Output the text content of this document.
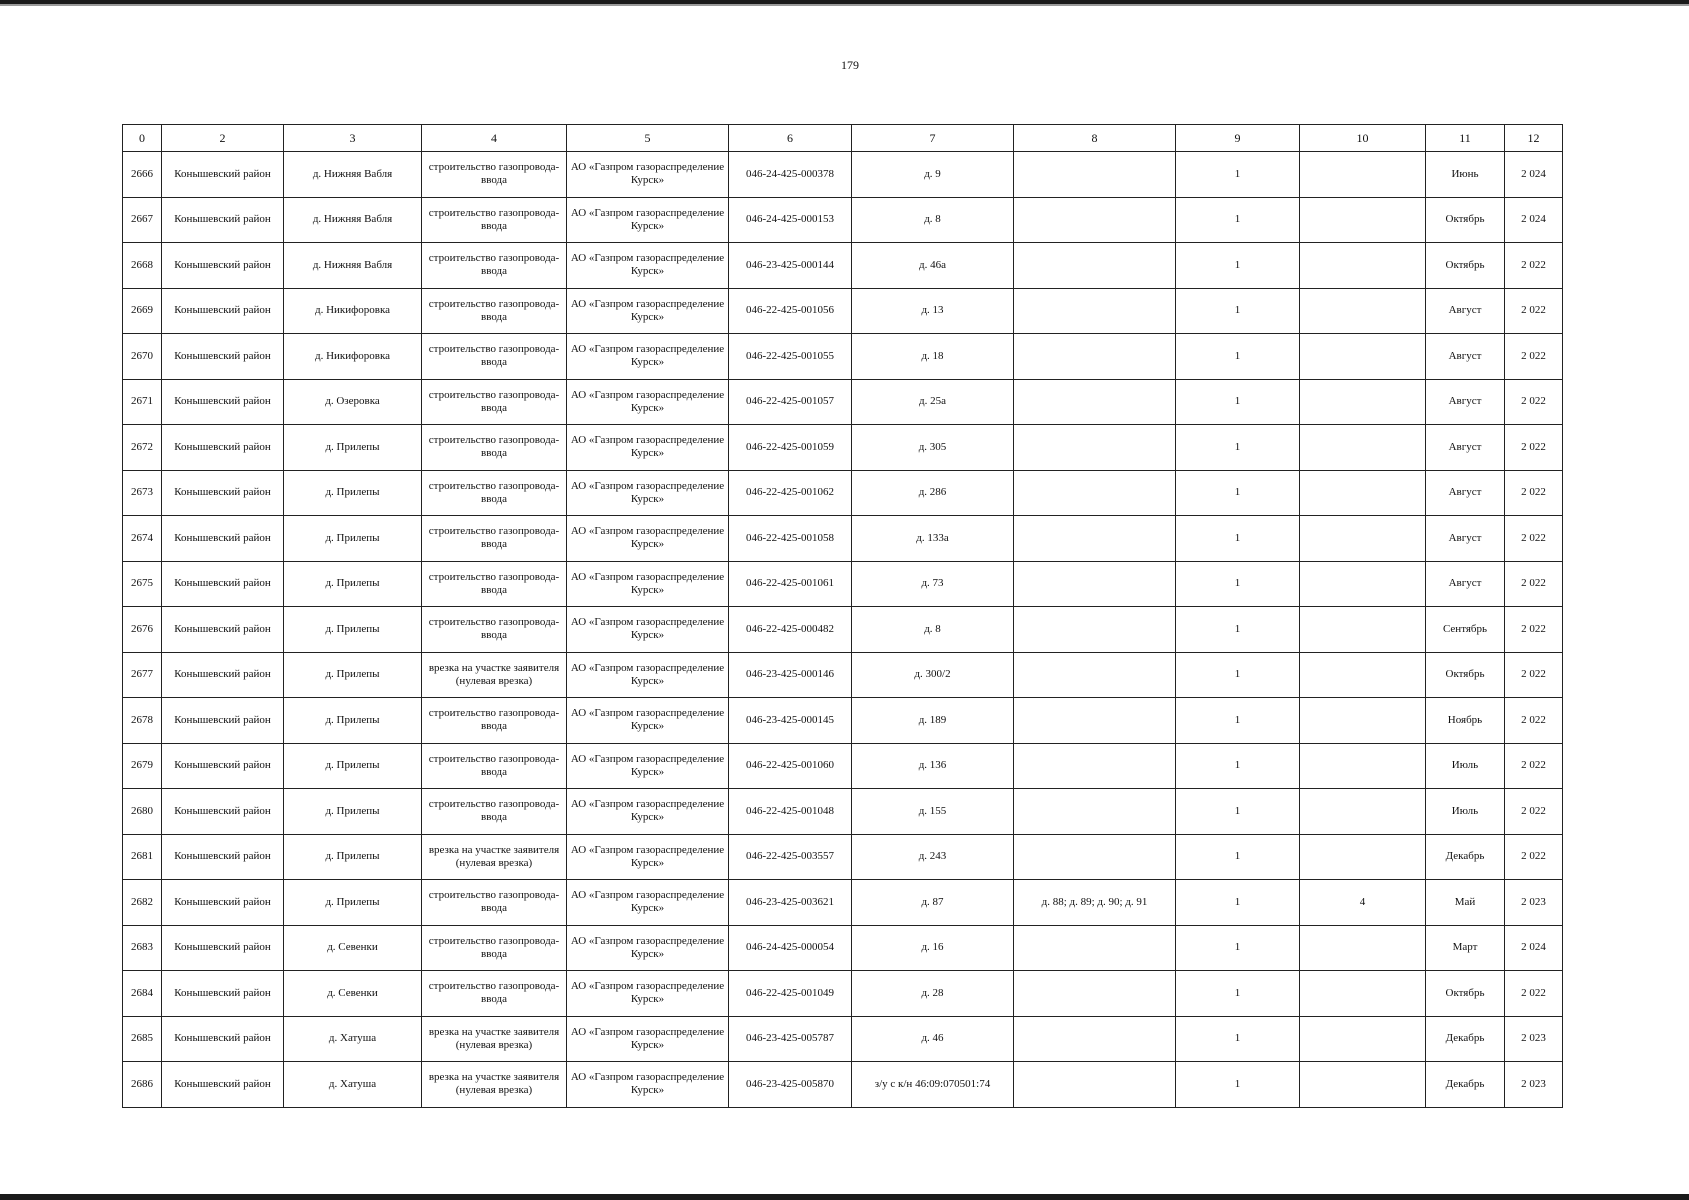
179
0	2	3	4	5	6	7	8	9	10	11	12
2666	Конышевский район	д. Нижняя Вабля	строительство газопровода-ввода	АО «Газпром газораспределение Курск»	046-24-425-000378	д. 9		1		Июнь	2 024
2667	Конышевский район	д. Нижняя Вабля	строительство газопровода-ввода	АО «Газпром газораспределение Курск»	046-24-425-000153	д. 8		1		Октябрь	2 024
2668	Конышевский район	д. Нижняя Вабля	строительство газопровода-ввода	АО «Газпром газораспределение Курск»	046-23-425-000144	д. 46а		1		Октябрь	2 022
2669	Конышевский район	д. Никифоровка	строительство газопровода-ввода	АО «Газпром газораспределение Курск»	046-22-425-001056	д. 13		1		Август	2 022
2670	Конышевский район	д. Никифоровка	строительство газопровода-ввода	АО «Газпром газораспределение Курск»	046-22-425-001055	д. 18		1		Август	2 022
2671	Конышевский район	д. Озеровка	строительство газопровода-ввода	АО «Газпром газораспределение Курск»	046-22-425-001057	д. 25а		1		Август	2 022
2672	Конышевский район	д. Прилепы	строительство газопровода-ввода	АО «Газпром газораспределение Курск»	046-22-425-001059	д. 305		1		Август	2 022
2673	Конышевский район	д. Прилепы	строительство газопровода-ввода	АО «Газпром газораспределение Курск»	046-22-425-001062	д. 286		1		Август	2 022
2674	Конышевский район	д. Прилепы	строительство газопровода-ввода	АО «Газпром газораспределение Курск»	046-22-425-001058	д. 133а		1		Август	2 022
2675	Конышевский район	д. Прилепы	строительство газопровода-ввода	АО «Газпром газораспределение Курск»	046-22-425-001061	д. 73		1		Август	2 022
2676	Конышевский район	д. Прилепы	строительство газопровода-ввода	АО «Газпром газораспределение Курск»	046-22-425-000482	д. 8		1		Сентябрь	2 022
2677	Конышевский район	д. Прилепы	врезка на участке заявителя (нулевая врезка)	АО «Газпром газораспределение Курск»	046-23-425-000146	д. 300/2		1		Октябрь	2 022
2678	Конышевский район	д. Прилепы	строительство газопровода-ввода	АО «Газпром газораспределение Курск»	046-23-425-000145	д. 189		1		Ноябрь	2 022
2679	Конышевский район	д. Прилепы	строительство газопровода-ввода	АО «Газпром газораспределение Курск»	046-22-425-001060	д. 136		1		Июль	2 022
2680	Конышевский район	д. Прилепы	строительство газопровода-ввода	АО «Газпром газораспределение Курск»	046-22-425-001048	д. 155		1		Июль	2 022
2681	Конышевский район	д. Прилепы	врезка на участке заявителя (нулевая врезка)	АО «Газпром газораспределение Курск»	046-22-425-003557	д. 243		1		Декабрь	2 022
2682	Конышевский район	д. Прилепы	строительство газопровода-ввода	АО «Газпром газораспределение Курск»	046-23-425-003621	д. 87	д. 88; д. 89; д. 90; д. 91	1	4	Май	2 023
2683	Конышевский район	д. Севенки	строительство газопровода-ввода	АО «Газпром газораспределение Курск»	046-24-425-000054	д. 16		1		Март	2 024
2684	Конышевский район	д. Севенки	строительство газопровода-ввода	АО «Газпром газораспределение Курск»	046-22-425-001049	д. 28		1		Октябрь	2 022
2685	Конышевский район	д. Хатуша	врезка на участке заявителя (нулевая врезка)	АО «Газпром газораспределение Курск»	046-23-425-005787	д. 46		1		Декабрь	2 023
2686	Конышевский район	д. Хатуша	врезка на участке заявителя (нулевая врезка)	АО «Газпром газораспределение Курск»	046-23-425-005870	з/у с к/н 46:09:070501:74		1		Декабрь	2 023
